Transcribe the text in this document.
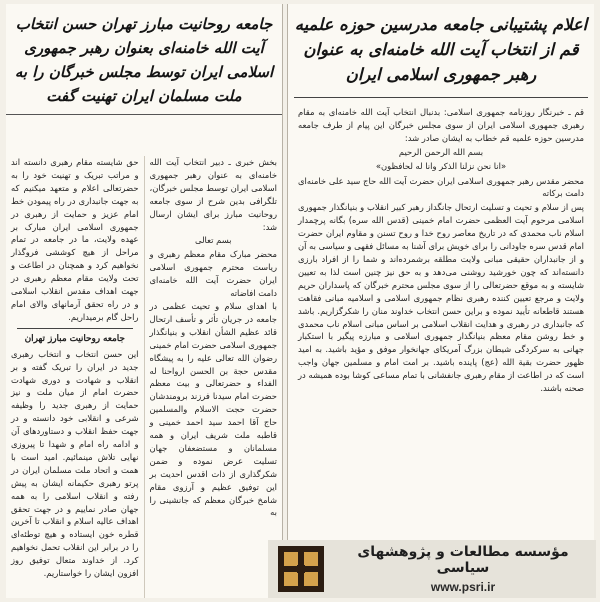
اعلام پشتیبانی جامعه مدرسین حوزه علمیه قم از انتخاب آیت الله خامنه‌ای به عنوان رهبر جمهوری اسلامی ایران

قم ـ خبرنگار روزنامه جمهوری اسلامی: بدنبال انتخاب آیت الله خامنه‌ای به مقام رهبری جمهوری اسلامی ایران از سوی مجلس خبرگان این پیام از طرف جامعه مدرسین حوزه علمیه قم خطاب به ایشان صادر شد:

بسم الله الرحمن الرحیم

«انا نحن نزلنا الذکر وانا له لحافظون»

محضر مقدس رهبر جمهوری اسلامی ایران حضرت آیت الله حاج سید علی خامنه‌ای دامت برکاته

پس از سلام و تحیت و تسلیت ارتحال جانگداز رهبر کبیر انقلاب و بنیانگذار جمهوری اسلامی مرحوم آیت العظمی حضرت امام خمینی (قدس الله سره) بگانه پرچمدار اسلام ناب محمدی که در تاریخ معاصر روح خدا و روح تسنن و مقاوم ایران حضرت امام قدس سره جاودانی را برای خویش برای آشنا به مسائل فقهی و سیاسی به آن و از جانبداران حقیقی مبانی ولایت مطلقه برشمرده‌اند و شما را از افراد بارزی دانسته‌اند که چون خورشید روشنی می‌دهد و به حق نیز چنین است لذا به تعیین شایسته و به موقع حضرتعالی را از سوی مجلس محترم خبرگان که پاسداران حریم ولایت و مرجع تعیین کننده رهبری نظام جمهوری اسلامی و اسلامیه مبانی فقاهت هستند قاطعانه تأیید نموده و براین حسن انتخاب خداوند منان را شکرگزاریم. باشد که جانبداری در رهبری و هدایت انقلاب اسلامی بر اساس مبانی اسلام ناب محمدی و خط روشن مقام معظم بنیانگذار جمهوری اسلامی و مبارزه پیگیر با استکبار جهانی به سرکردگی شیطان بزرگ آمریکای جهانخوار موفق و مؤید باشید. به امید ظهور حضرت بقیة الله (عج) پاینده باشید. بر امت امام و مسلمین جهان واجب است که در اطاعت از مقام رهبری جانفشانی با تمام مساعی کوشا بوده همیشه در صحنه باشند.

جامعه روحانیت مبارز تهران حسن انتخاب آیت الله خامنه‌ای بعنوان رهبر جمهوری اسلامی ایران توسط مجلس خبرگان را به ملت مسلمان ایران تهنیت گفت

بخش خبری ـ دبیر انتخاب آیت الله خامنه‌ای به عنوان رهبر جمهوری اسلامی ایران توسط مجلس خبرگان، تلگرافی بدین شرح از سوی جامعه روحانیت مبارز برای ایشان ارسال شد:

بسم تعالی

محضر مبارک مقام معظم رهبری و ریاست محترم جمهوری اسلامی ایران حضرت آیت الله خامنه‌ای دامت افاضاته

با اهدای سلام و تحیت عظمی در جامعه در جریان تأثر و تأسف ارتحال قائد عظیم الشأن انقلاب و بنیانگذار جمهوری اسلامی حضرت امام خمینی رضوان الله تعالی علیه را به پیشگاه مقدس حجة بن الحسن ارواحنا له الفداء و حضرتعالی و بیت معظم حضرت امام سیدنا فرزند برومندشان حضرت حجت الاسلام والمسلمین حاج آقا احمد سید احمد خمینی و قاطبه ملت شریف ایران و همه مسلمانان و مستضعفان جهان تسلیت عرض نموده و ضمن شکرگذاری از ذات اقدس احدیت بر این توفیق عظیم و آرزوی مقام شامخ خبرگان معظم که جانشینی را به

حق شایسته مقام رهبری دانسته اند و مراتب تبریک و تهنیت خود را به حضرتعالی اعلام و متعهد میکنیم که به جهت جانبداری در راه پیمودن خط امام عزیز و حمایت از رهبری در جمهوری اسلامی ایران مبارک بر عهده ولایت، ما در جامعه در تمام مراحل از هیچ کوششی فروگذار نخواهیم کرد و همچنان در اطاعت و تحت ولایت مقام معظم رهبری در جهت اهداف مقدس انقلاب اسلامی و در راه تحقق آرمانهای والای امام راحل گام برمیداریم.

جامعه روحانیت مبارز تهران

این حسن انتخاب و انتخاب رهبری جدید در ایران را تبریک گفته و بر انقلاب و شهادت و دوری شهادت حضرت امام از میان ملت و نیز حمایت از رهبری جدید را وظیفه شرعی و انقلابی خود دانسته و در جهت حفظ انقلاب و دستاوردهای آن و ادامه راه امام و شهدا تا پیروزی نهایی تلاش مینمائیم. امید است با همت و اتحاد ملت مسلمان ایران در پرتو رهبری حکیمانه ایشان به پیش رفته و انقلاب اسلامی را به همه جهان صادر نماییم و در جهت تحقق اهداف عالیه اسلام و انقلاب تا آخرین قطره خون ایستاده و هیچ توطئه‌ای را در برابر این انقلاب تحمل نخواهیم کرد. از خداوند متعال توفیق روز افزون ایشان را خواستاریم.

مؤسسه مطالعات و پژوهشهای سیاسی
www.psri.ir
